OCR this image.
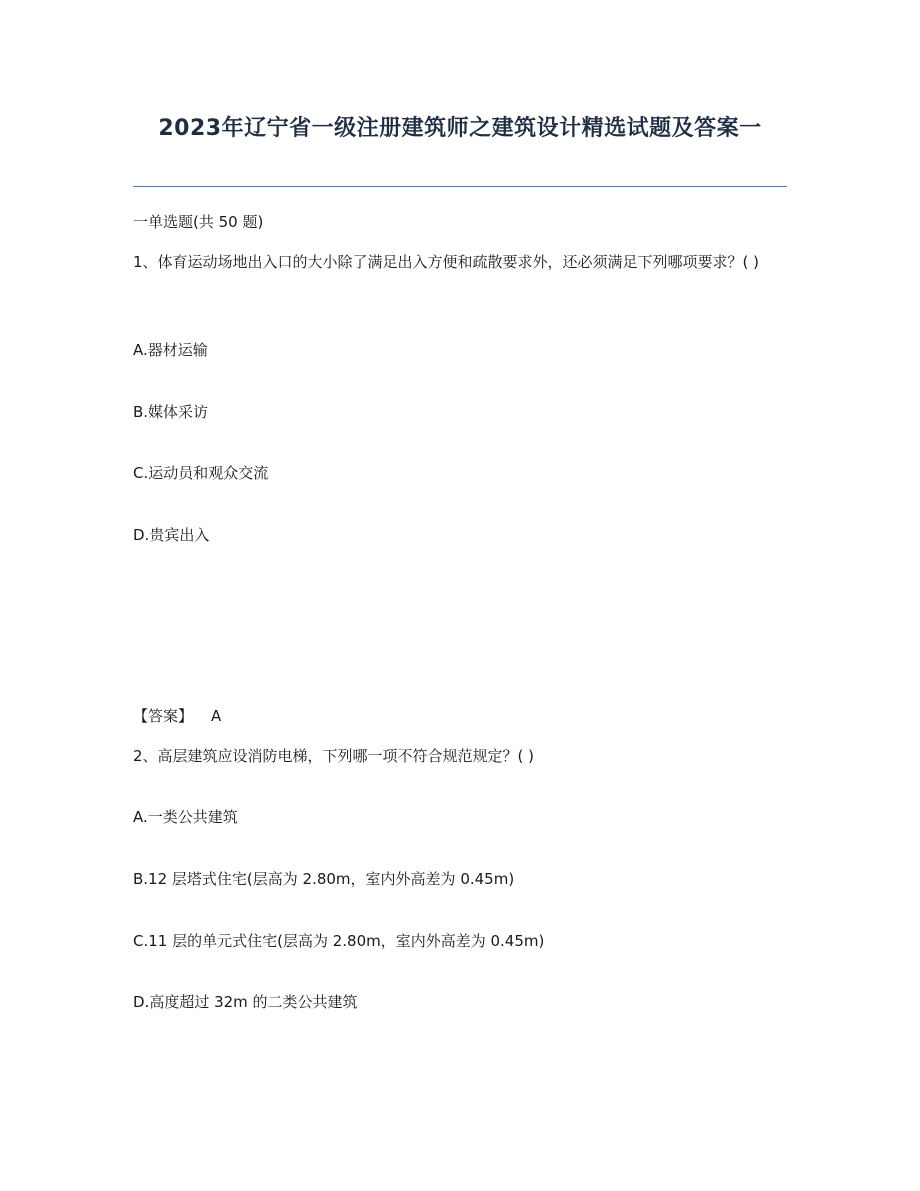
2023年辽宁省一级注册建筑师之建筑设计精选试题及答案一
一单选题(共 50 题)
1、体育运动场地出入口的大小除了满足出入方便和疏散要求外，还必须满足下列哪项要求？( )
A.器材运输
B.媒体采访
C.运动员和观众交流
D.贵宾出入
【答案】 A
2、高层建筑应设消防电梯，下列哪一项不符合规范规定？( )
A.一类公共建筑
B.12 层塔式住宅(层高为 2.80m，室内外高差为 0.45m)
C.11 层的单元式住宅(层高为 2.80m，室内外高差为 0.45m)
D.高度超过 32m 的二类公共建筑
